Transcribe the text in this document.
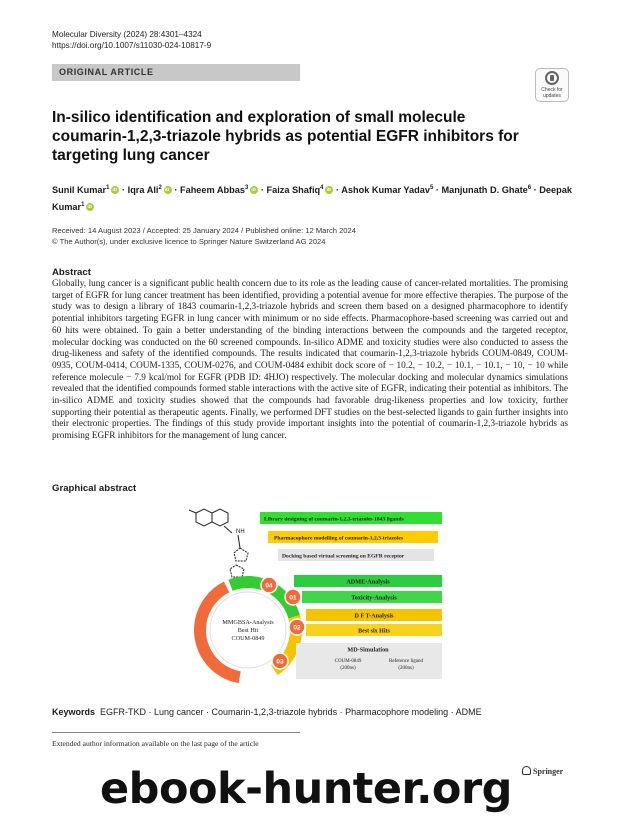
Molecular Diversity (2024) 28:4301–4324
https://doi.org/10.1007/s11030-024-10817-9
ORIGINAL ARTICLE
Check for
updates
In-silico identification and exploration of small molecule coumarin-1,2,3-triazole hybrids as potential EGFR inhibitors for targeting lung cancer
Sunil Kumar$^1$iD · Iqra Ali$^2$iD · Faheem Abbas$^3$iD · Faiza Shafiq$^4$iD · Ashok Kumar Yadav$^5$ · Manjunath D. Ghate$^6$ · Deepak Kumar$^1$iD
Received: 14 August 2023 / Accepted: 25 January 2024 / Published online: 12 March 2024
© The Author(s), under exclusive licence to Springer Nature Switzerland AG 2024
Abstract
Globally, lung cancer is a significant public health concern due to its role as the leading cause of cancer-related mortalities. The promising target of EGFR for lung cancer treatment has been identified, providing a potential avenue for more effective therapies. The purpose of the study was to design a library of 1843 coumarin-1,2,3-triazole hybrids and screen them based on a designed pharmacophore to identify potential inhibitors targeting EGFR in lung cancer with minimum or no side effects. Pharmacophore-based screening was carried out and 60 hits were obtained. To gain a better understanding of the binding interactions between the compounds and the targeted receptor, molecular docking was conducted on the 60 screened compounds. In-silico ADME and toxicity studies were also conducted to assess the drug-likeness and safety of the identified compounds. The results indicated that coumarin-1,2,3-triazole hybrids COUM-0849, COUM-0935, COUM-0414, COUM-1335, COUM-0276, and COUM-0484 exhibit dock score of − 10.2, − 10.2, − 10.1, − 10.1, − 10, − 10 while reference molecule − 7.9 kcal/mol for EGFR (PDB ID: 4HJO) respectively. The molecular docking and molecular dynamics simulations revealed that the identified compounds formed stable interactions with the active site of EGFR, indicating their potential as inhibitors. The in-silico ADME and toxicity studies showed that the compounds had favorable drug-likeness properties and low toxicity, further supporting their potential as therapeutic agents. Finally, we performed DFT studies on the best-selected ligands to gain further insights into their electronic properties. The findings of this study provide important insights into the potential of coumarin-1,2,3-triazole hybrids as promising EGFR inhibitors for the management of lung cancer.
Graphical abstract
NH
Library designing of coumarin-1,2,3-triazoles 1843 ligands
Pharmacophore modelling of coumarin-1,2,3-triazoles
Docking based virtual screening on EGFR receptor
MMGBSA-Analysis
Best Hit
COUM-0849
ADME-Analysis
Toxicity-Analysis
D F T-Analysis
Best six Hits
MD-Simulation
COUM-0849
(200ns)
Reference ligand
(200ns)
04
01
02
03
Keywords EGFR-TKD · Lung cancer · Coumarin-1,2,3-triazole hybrids · Pharmacophore modeling · ADME
Extended author information available on the last page of the article
ebook-hunter.org	Springer
